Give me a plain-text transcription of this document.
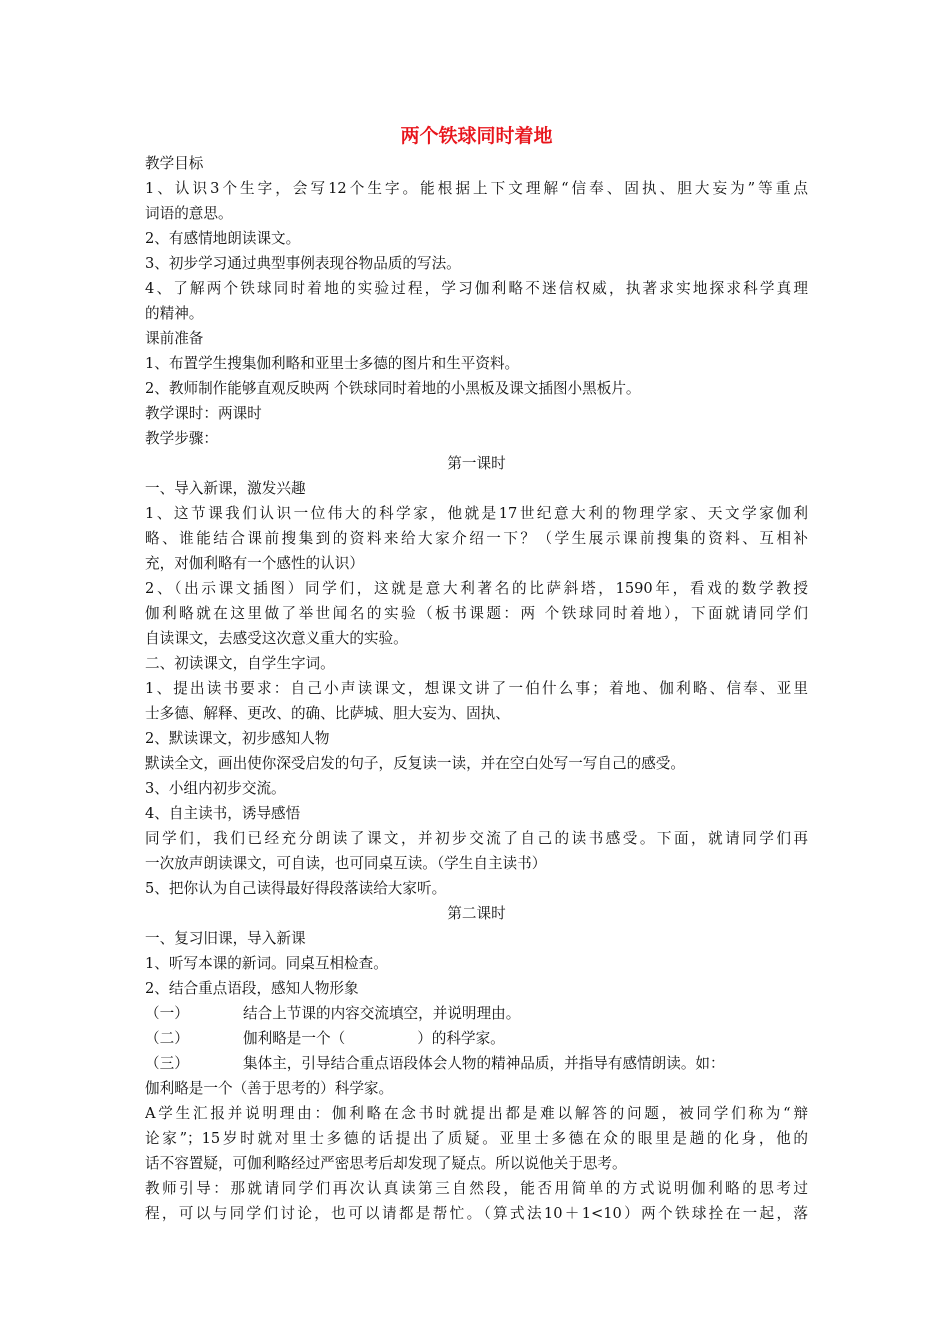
两个铁球同时着地

教学目标

1、认识3个生字，会写12个生字。能根据上下文理解“信奉、固执、胆大妄为”等重点

词语的意思。

2、有感情地朗读课文。

3、初步学习通过典型事例表现谷物品质的写法。

4、了解两个铁球同时着地的实验过程，学习伽利略不迷信权威，执著求实地探求科学真理

的精神。

课前准备

1、布置学生搜集伽利略和亚里士多德的图片和生平资料。

2、教师制作能够直观反映两 个铁球同时着地的小黑板及课文插图小黑板片。

教学课时：两课时

教学步骤：

第一课时

一、导入新课，激发兴趣

1、这节课我们认识一位伟大的科学家，他就是17世纪意大利的物理学家、天文学家伽利

略、谁能结合课前搜集到的资料来给大家介绍一下？（学生展示课前搜集的资料、互相补

充，对伽利略有一个感性的认识）

2、（出示课文插图）同学们，这就是意大利著名的比萨斜塔，1590年，看戏的数学教授

伽利略就在这里做了举世闻名的实验（板书课题：两 个铁球同时着地），下面就请同学们

自读课文，去感受这次意义重大的实验。

二、初读课文，自学生字词。

1、提出读书要求：自己小声读课文，想课文讲了一伯什么事；着地、伽利略、信奉、亚里

士多德、解释、更改、的确、比萨城、胆大妄为、固执、

2、默读课文，初步感知人物

默读全文，画出使你深受启发的句子，反复读一读，并在空白处写一写自己的感受。

3、小组内初步交流。

4、自主读书，诱导感悟

同学们，我们已经充分朗读了课文，并初步交流了自己的读书感受。下面，就请同学们再

一次放声朗读课文，可自读，也可同桌互读。（学生自主读书）

5、把你认为自己读得最好得段落读给大家听。

第二课时

一、复习旧课，导入新课

1、听写本课的新词。同桌互相检查。

2、结合重点语段，感知人物形象

（一）	结合上节课的内容交流填空，并说明理由。

（二）	伽利略是一个（	）的科学家。

（三）	集体主，引导结合重点语段体会人物的精神品质，并指导有感情朗读。如：

伽利略是一个（善于思考的）科学家。

A学生汇报并说明理由：伽利略在念书时就提出都是难以解答的问题，被同学们称为“辩

论家”；15岁时就对里士多德的话提出了质疑。亚里士多德在众的眼里是趟的化身，他的

话不容置疑，可伽利略经过严密思考后却发现了疑点。所以说他关于思考。

教师引导：那就请同学们再次认真读第三自然段，能否用简单的方式说明伽利略的思考过

程，可以与同学们讨论，也可以请都是帮忙。（算式法10＋1<10）两个铁球拴在一起，落
